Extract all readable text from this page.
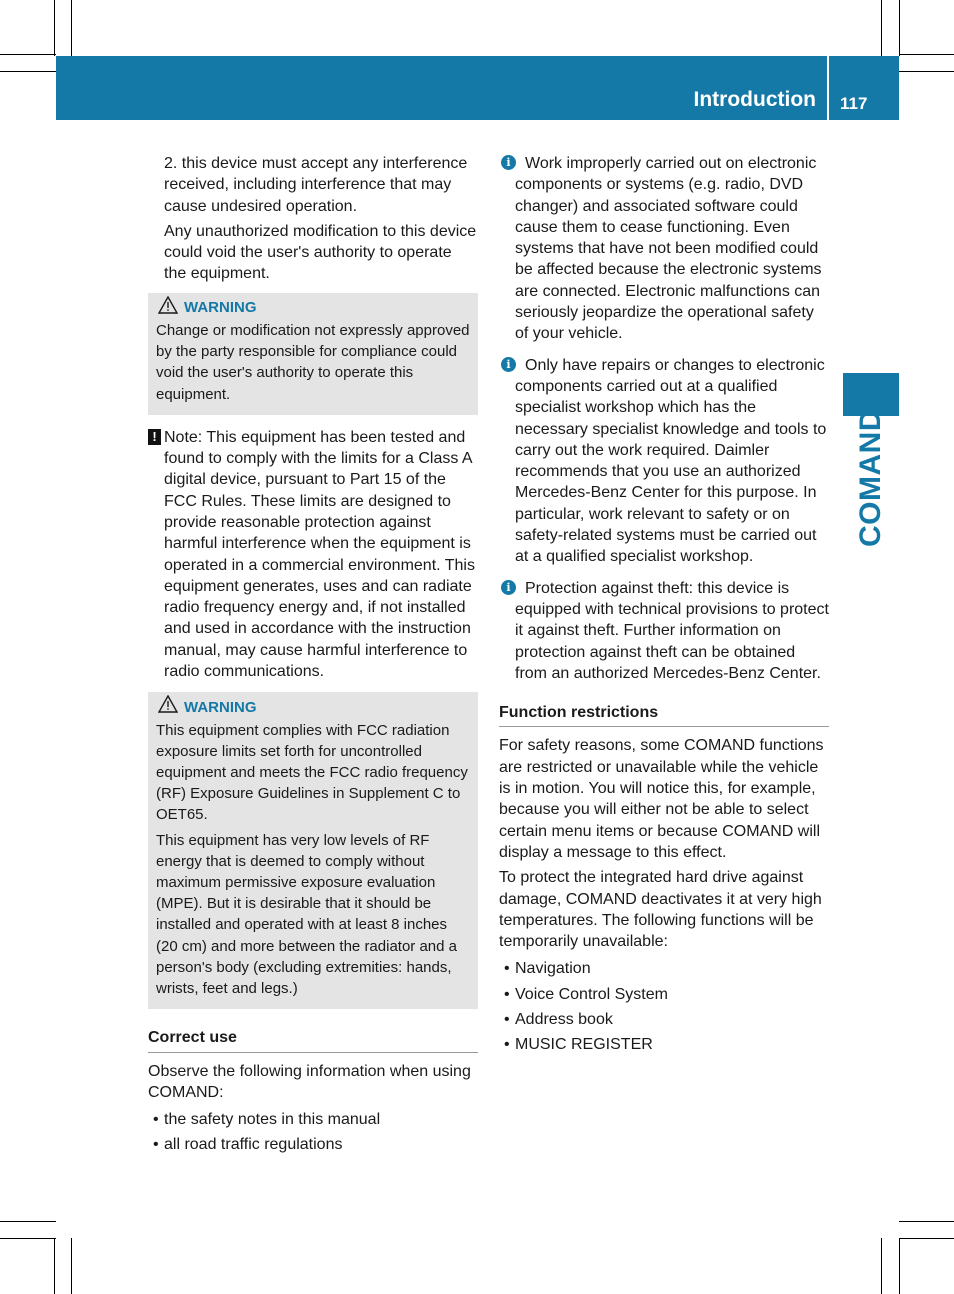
Introduction 117
COMAND

2. this device must accept any interference received, including interference that may cause undesired operation.

Any unauthorized modification to this device could void the user's authority to operate the equipment.

WARNING

Change or modification not expressly approved by the party responsible for compliance could void the user's authority to operate this equipment.

! Note: This equipment has been tested and found to comply with the limits for a Class A digital device, pursuant to Part 15 of the FCC Rules. These limits are designed to provide reasonable protection against harmful interference when the equipment is operated in a commercial environment. This equipment generates, uses and can radiate radio frequency energy and, if not installed and used in accordance with the instruction manual, may cause harmful interference to radio communications.
WARNING

This equipment complies with FCC radiation exposure limits set forth for uncontrolled equipment and meets the FCC radio frequency (RF) Exposure Guidelines in Supplement C to OET65.

This equipment has very low levels of RF energy that is deemed to comply without maximum permissive exposure evaluation (MPE). But it is desirable that it should be installed and operated with at least 8 inches (20 cm) and more between the radiator and a person's body (excluding extremities: hands, wrists, feet and legs.)

Correct use

Observe the following information when using COMAND:

• the safety notes in this manual
• all road traffic regulations
i Work improperly carried out on electronic components or systems (e.g. radio, DVD changer) and associated software could cause them to cease functioning. Even systems that have not been modified could be affected because the electronic systems are connected. Electronic malfunctions can seriously jeopardize the operational safety of your vehicle.
i Only have repairs or changes to electronic components carried out at a qualified specialist workshop which has the necessary specialist knowledge and tools to carry out the work required. Daimler recommends that you use an authorized Mercedes-Benz Center for this purpose. In particular, work relevant to safety or on safety-related systems must be carried out at a qualified specialist workshop.
i Protection against theft: this device is equipped with technical provisions to protect it against theft. Further information on protection against theft can be obtained from an authorized Mercedes-Benz Center.
Function restrictions

For safety reasons, some COMAND functions are restricted or unavailable while the vehicle is in motion. You will notice this, for example, because you will either not be able to select certain menu items or because COMAND will display a message to this effect.

To protect the integrated hard drive against damage, COMAND deactivates it at very high temperatures. The following functions will be temporarily unavailable:

• Navigation
• Voice Control System
• Address book
• MUSIC REGISTER
